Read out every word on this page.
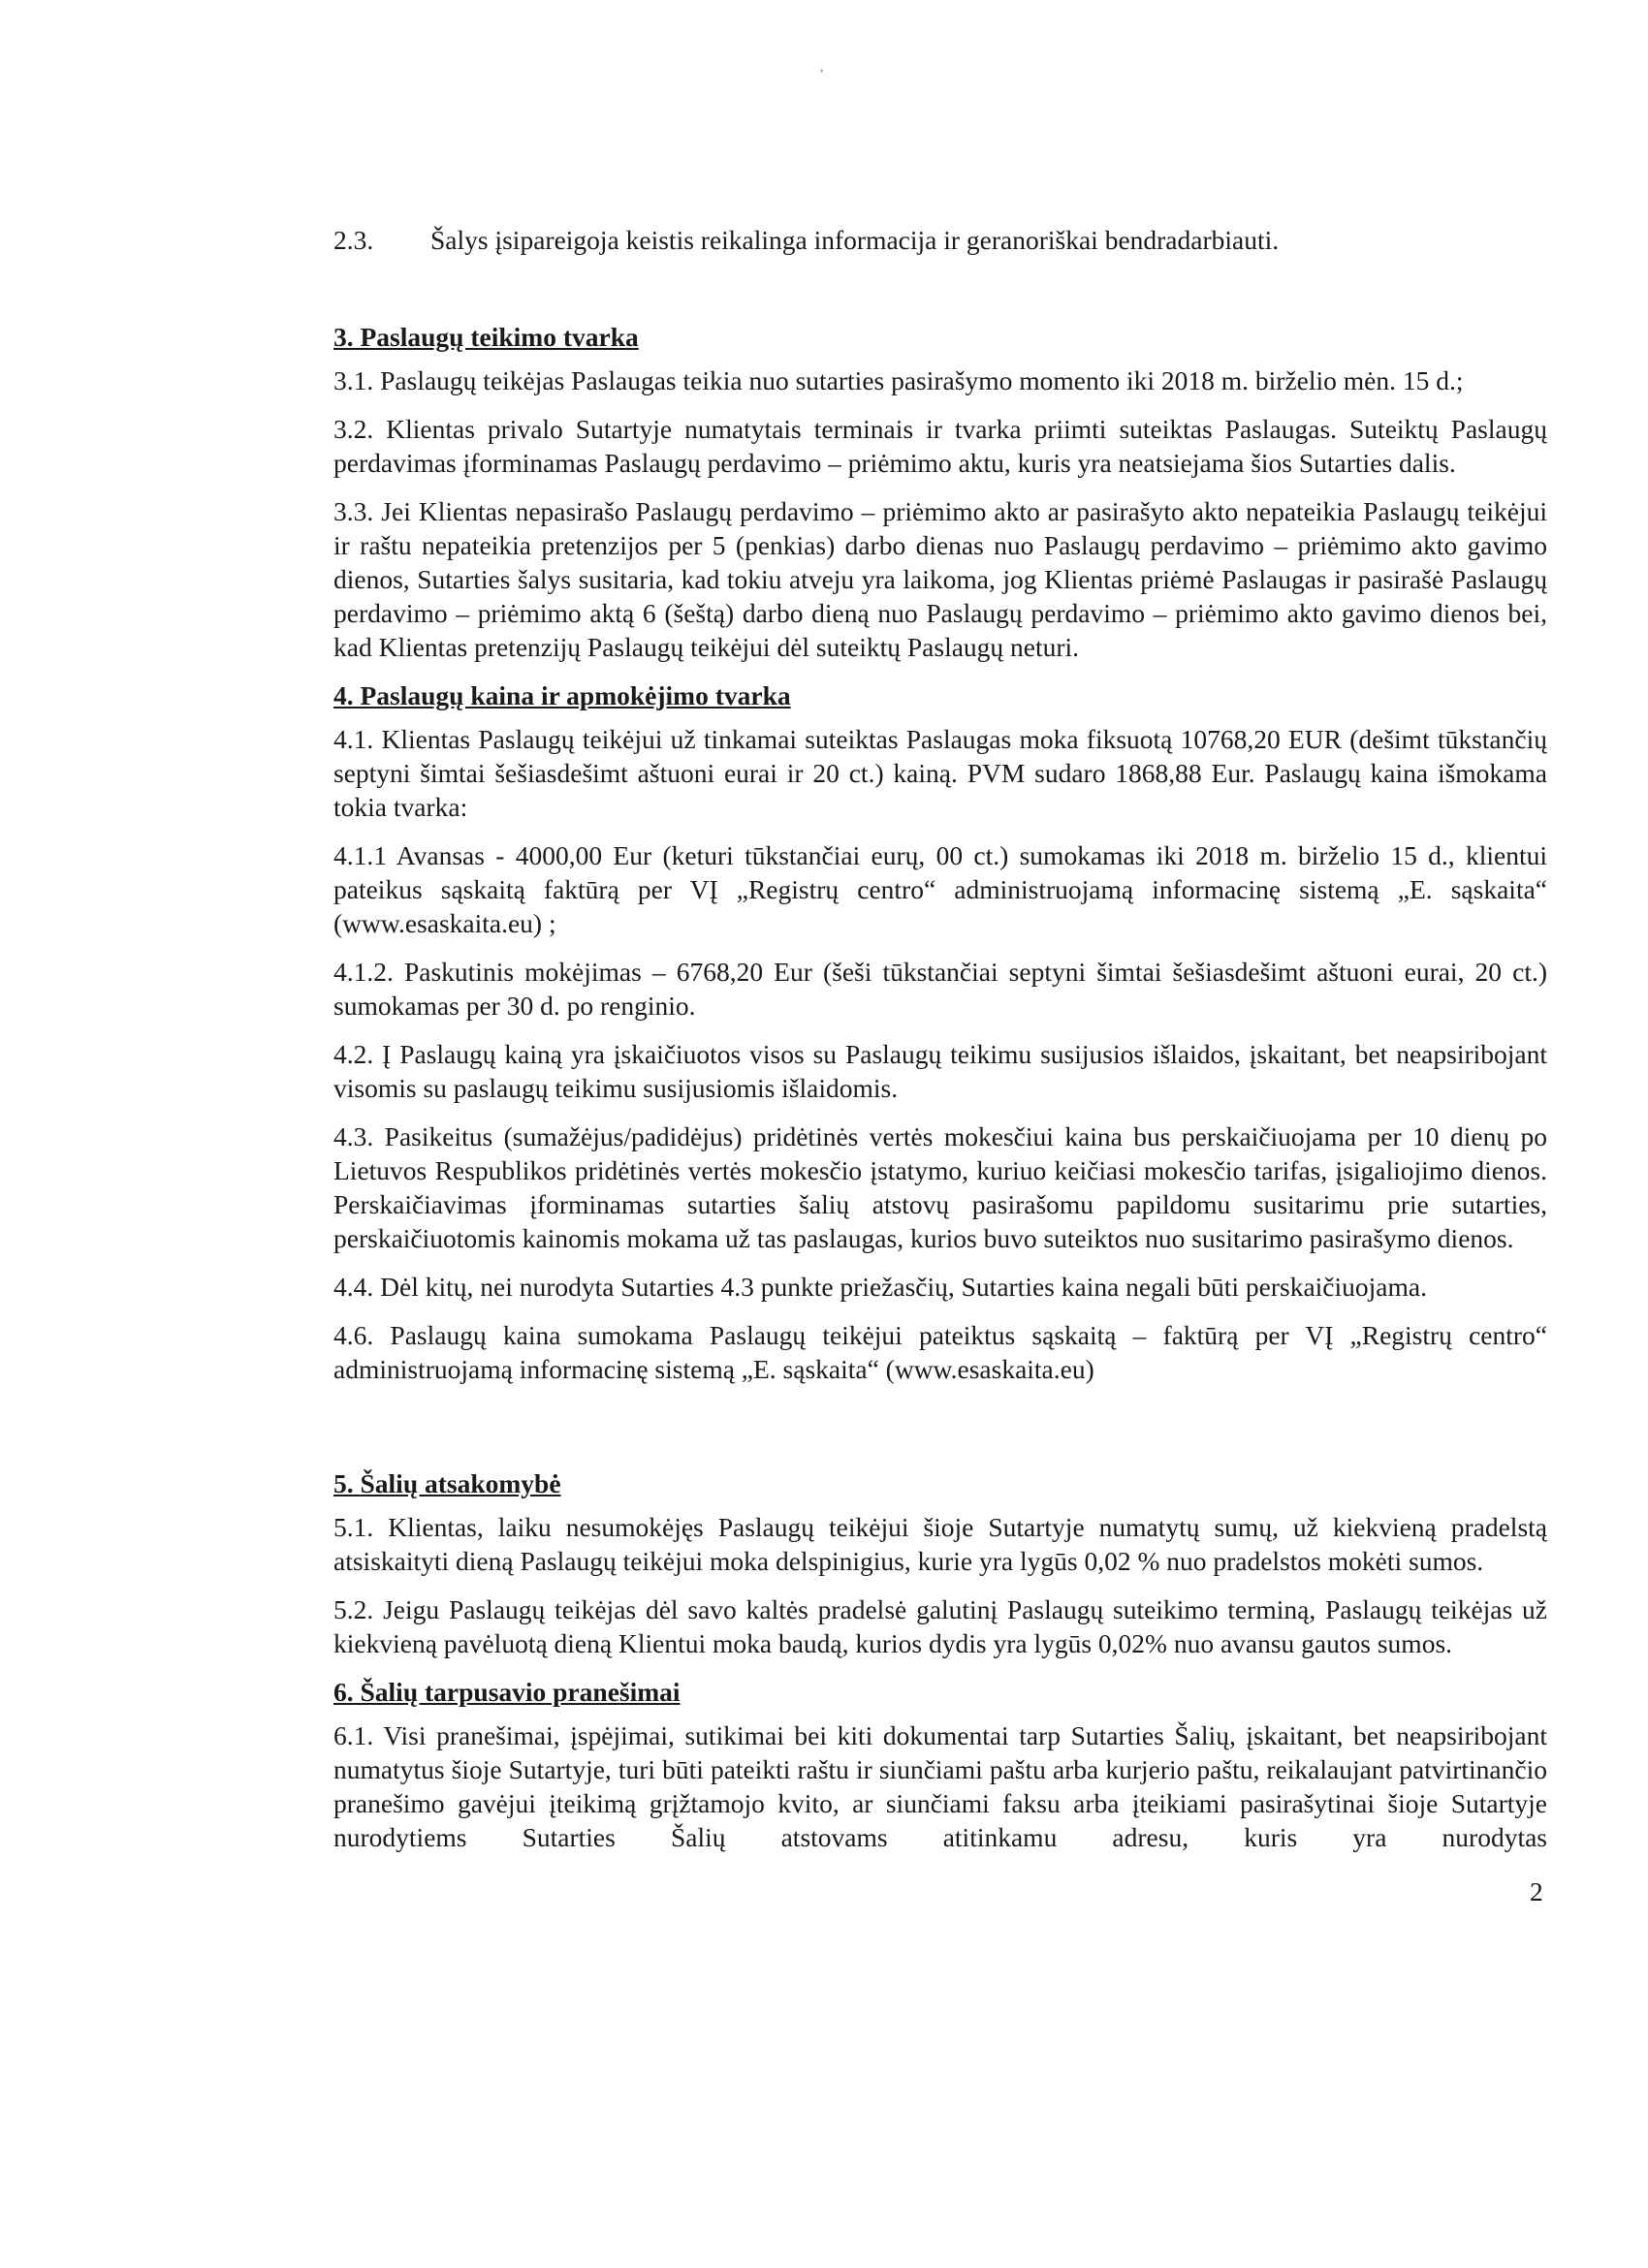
,
2.3. Šalys įsipareigoja keistis reikalinga informacija ir geranoriškai bendradarbiauti.
3. Paslaugų teikimo tvarka
3.1. Paslaugų teikėjas Paslaugas teikia nuo sutarties pasirašymo momento iki 2018 m. birželio mėn. 15 d.;
3.2. Klientas privalo Sutartyje numatytais terminais ir tvarka priimti suteiktas Paslaugas. Suteiktų Paslaugų perdavimas įforminamas Paslaugų perdavimo – priėmimo aktu, kuris yra neatsiejama šios Sutarties dalis.
3.3. Jei Klientas nepasirašo Paslaugų perdavimo – priėmimo akto ar pasirašyto akto nepateikia Paslaugų teikėjui ir raštu nepateikia pretenzijos per 5 (penkias) darbo dienas nuo Paslaugų perdavimo – priėmimo akto gavimo dienos, Sutarties šalys susitaria, kad tokiu atveju yra laikoma, jog Klientas priėmė Paslaugas ir pasirašė Paslaugų perdavimo – priėmimo aktą 6 (šeštą) darbo dieną nuo Paslaugų perdavimo – priėmimo akto gavimo dienos bei, kad Klientas pretenzijų Paslaugų teikėjui dėl suteiktų Paslaugų neturi.
4. Paslaugų kaina ir apmokėjimo tvarka
4.1. Klientas Paslaugų teikėjui už tinkamai suteiktas Paslaugas moka fiksuotą 10768,20 EUR (dešimt tūkstančių septyni šimtai šešiasdešimt aštuoni eurai ir 20 ct.) kainą. PVM sudaro 1868,88 Eur. Paslaugų kaina išmokama tokia tvarka:
4.1.1 Avansas - 4000,00 Eur (keturi tūkstančiai eurų, 00 ct.) sumokamas iki 2018 m. birželio 15 d., klientui pateikus sąskaitą faktūrą per VĮ „Registrų centro“ administruojamą informacinę sistemą „E. sąskaita“ (www.esaskaita.eu) ;
4.1.2. Paskutinis mokėjimas – 6768,20 Eur (šeši tūkstančiai septyni šimtai šešiasdešimt aštuoni eurai, 20 ct.) sumokamas per 30 d. po renginio.
4.2. Į Paslaugų kainą yra įskaičiuotos visos su Paslaugų teikimu susijusios išlaidos, įskaitant, bet neapsiribojant visomis su paslaugų teikimu susijusiomis išlaidomis.
4.3. Pasikeitus (sumažėjus/padidėjus) pridėtinės vertės mokesčiui kaina bus perskaičiuojama per 10 dienų po Lietuvos Respublikos pridėtinės vertės mokesčio įstatymo, kuriuo keičiasi mokesčio tarifas, įsigaliojimo dienos. Perskaičiavimas įforminamas sutarties šalių atstovų pasirašomu papildomu susitarimu prie sutarties, perskaičiuotomis kainomis mokama už tas paslaugas, kurios buvo suteiktos nuo susitarimo pasirašymo dienos.
4.4. Dėl kitų, nei nurodyta Sutarties 4.3 punkte priežasčių, Sutarties kaina negali būti perskaičiuojama.
4.6. Paslaugų kaina sumokama Paslaugų teikėjui pateiktus sąskaitą – faktūrą per VĮ „Registrų centro“ administruojamą informacinę sistemą „E. sąskaita“ (www.esaskaita.eu)
5. Šalių atsakomybė
5.1. Klientas, laiku nesumokėjęs Paslaugų teikėjui šioje Sutartyje numatytų sumų, už kiekvieną pradelstą atsiskaityti dieną Paslaugų teikėjui moka delspinigius, kurie yra lygūs 0,02 % nuo pradelstos mokėti sumos.
5.2. Jeigu Paslaugų teikėjas dėl savo kaltės pradelsė galutinį Paslaugų suteikimo terminą, Paslaugų teikėjas už kiekvieną pavėluotą dieną Klientui moka baudą, kurios dydis yra lygūs 0,02% nuo avansu gautos sumos.
6. Šalių tarpusavio pranešimai
6.1. Visi pranešimai, įspėjimai, sutikimai bei kiti dokumentai tarp Sutarties Šalių, įskaitant, bet neapsiribojant numatytus šioje Sutartyje, turi būti pateikti raštu ir siunčiami paštu arba kurjerio paštu, reikalaujant patvirtinančio pranešimo gavėjui įteikimą grįžtamojo kvito, ar siunčiami faksu arba įteikiami pasirašytinai šioje Sutartyje nurodytiems Sutarties Šalių atstovams atitinkamu adresu, kuris yra nurodytas
2
